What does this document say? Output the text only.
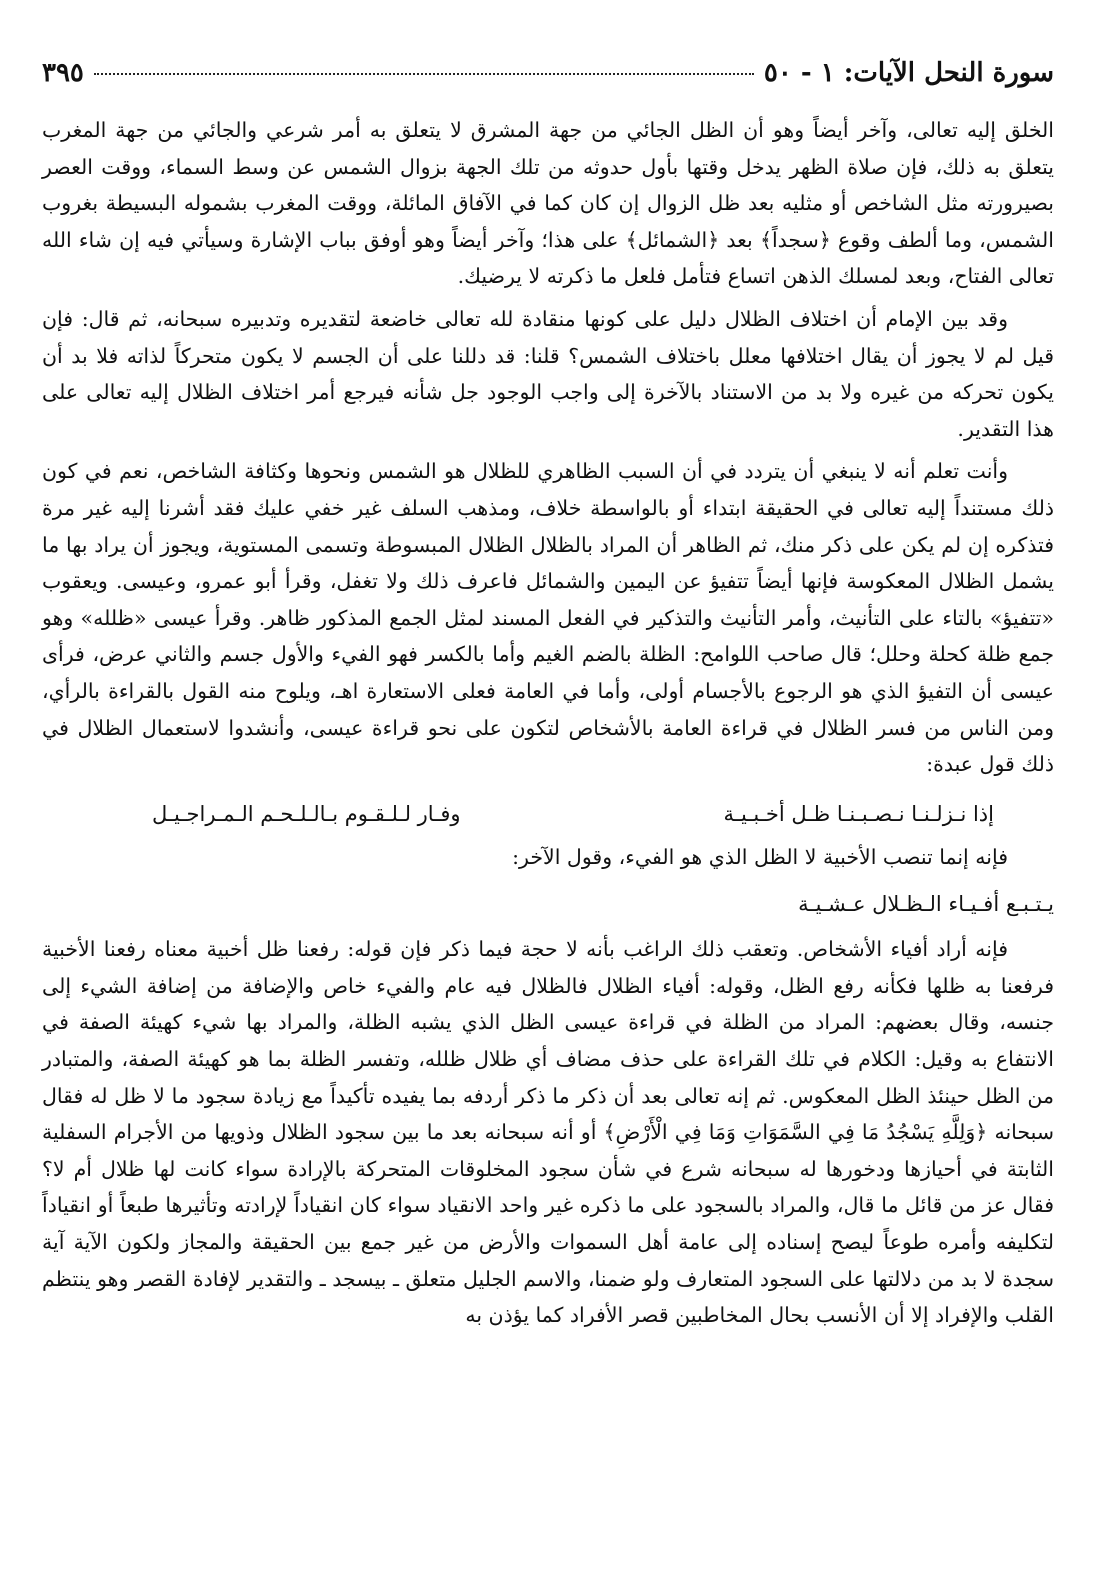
سورة النحل الآيات: ١ - ٥٠
٣٩٥

الخلق إليه تعالى، وآخر أيضاً وهو أن الظل الجائي من جهة المشرق لا يتعلق به أمر شرعي والجائي من جهة المغرب يتعلق به ذلك، فإن صلاة الظهر يدخل وقتها بأول حدوثه من تلك الجهة بزوال الشمس عن وسط السماء، ووقت العصر بصيرورته مثل الشاخص أو مثليه بعد ظل الزوال إن كان كما في الآفاق المائلة، ووقت المغرب بشموله البسيطة بغروب الشمس، وما ألطف وقوع ﴿سجداً﴾ بعد ﴿الشمائل﴾ على هذا؛ وآخر أيضاً وهو أوفق بباب الإشارة وسيأتي فيه إن شاء الله تعالى الفتاح، وبعد لمسلك الذهن اتساع فتأمل فلعل ما ذكرته لا يرضيك.

وقد بين الإمام أن اختلاف الظلال دليل على كونها منقادة لله تعالى خاضعة لتقديره وتدبيره سبحانه، ثم قال: فإن قيل لم لا يجوز أن يقال اختلافها معلل باختلاف الشمس؟ قلنا: قد دللنا على أن الجسم لا يكون متحركاً لذاته فلا بد أن يكون تحركه من غيره ولا بد من الاستناد بالآخرة إلى واجب الوجود جل شأنه فيرجع أمر اختلاف الظلال إليه تعالى على هذا التقدير.

وأنت تعلم أنه لا ينبغي أن يتردد في أن السبب الظاهري للظلال هو الشمس ونحوها وكثافة الشاخص، نعم في كون ذلك مستنداً إليه تعالى في الحقيقة ابتداء أو بالواسطة خلاف، ومذهب السلف غير خفي عليك فقد أشرنا إليه غير مرة فتذكره إن لم يكن على ذكر منك، ثم الظاهر أن المراد بالظلال الظلال المبسوطة وتسمى المستوية، ويجوز أن يراد بها ما يشمل الظلال المعكوسة فإنها أيضاً تتفيؤ عن اليمين والشمائل فاعرف ذلك ولا تغفل، وقرأ أبو عمرو، وعيسى. ويعقوب «تتفيؤ» بالتاء على التأنيث، وأمر التأنيث والتذكير في الفعل المسند لمثل الجمع المذكور ظاهر. وقرأ عيسى «ظلله» وهو جمع ظلة كحلة وحلل؛ قال صاحب اللوامح: الظلة بالضم الغيم وأما بالكسر فهو الفيء والأول جسم والثاني عرض، فرأى عيسى أن التفيؤ الذي هو الرجوع بالأجسام أولى، وأما في العامة فعلى الاستعارة اهـ، ويلوح منه القول بالقراءة بالرأي، ومن الناس من فسر الظلال في قراءة العامة بالأشخاص لتكون على نحو قراءة عيسى، وأنشدوا لاستعمال الظلال في ذلك قول عبدة:

إذا نـزلـنـا نـصـبـنـا ظـل أخـبـيـة
وفـار لـلـقـوم بـالـلـحـم الـمـراجـيـل

فإنه إنما تنصب الأخبية لا الظل الذي هو الفيء، وقول الآخر:

يـتـبـع أفـيـاء الـظـلال عـشـيـة

فإنه أراد أفياء الأشخاص. وتعقب ذلك الراغب بأنه لا حجة فيما ذكر فإن قوله: رفعنا ظل أخبية معناه رفعنا الأخبية فرفعنا به ظلها فكأنه رفع الظل، وقوله: أفياء الظلال فالظلال فيه عام والفيء خاص والإضافة من إضافة الشيء إلى جنسه، وقال بعضهم: المراد من الظلة في قراءة عيسى الظل الذي يشبه الظلة، والمراد بها شيء كهيئة الصفة في الانتفاع به وقيل: الكلام في تلك القراءة على حذف مضاف أي ظلال ظلله، وتفسر الظلة بما هو كهيئة الصفة، والمتبادر من الظل حينئذ الظل المعكوس. ثم إنه تعالى بعد أن ذكر ما ذكر أردفه بما يفيده تأكيداً مع زيادة سجود ما لا ظل له فقال سبحانه ﴿وَلِلَّهِ يَسْجُدُ مَا فِي السَّمَوَاتِ وَمَا فِي الْأَرْضِ﴾ أو أنه سبحانه بعد ما بين سجود الظلال وذويها من الأجرام السفلية الثابتة في أحيازها ودخورها له سبحانه شرع في شأن سجود المخلوقات المتحركة بالإرادة سواء كانت لها ظلال أم لا؟ فقال عز من قائل ما قال، والمراد بالسجود على ما ذكره غير واحد الانقياد سواء كان انقياداً لإرادته وتأثيرها طبعاً أو انقياداً لتكليفه وأمره طوعاً ليصح إسناده إلى عامة أهل السموات والأرض من غير جمع بين الحقيقة والمجاز ولكون الآية آية سجدة لا بد من دلالتها على السجود المتعارف ولو ضمنا، والاسم الجليل متعلق ـ بيسجد ـ والتقدير لإفادة القصر وهو ينتظم القلب والإفراد إلا أن الأنسب بحال المخاطبين قصر الأفراد كما يؤذن به
